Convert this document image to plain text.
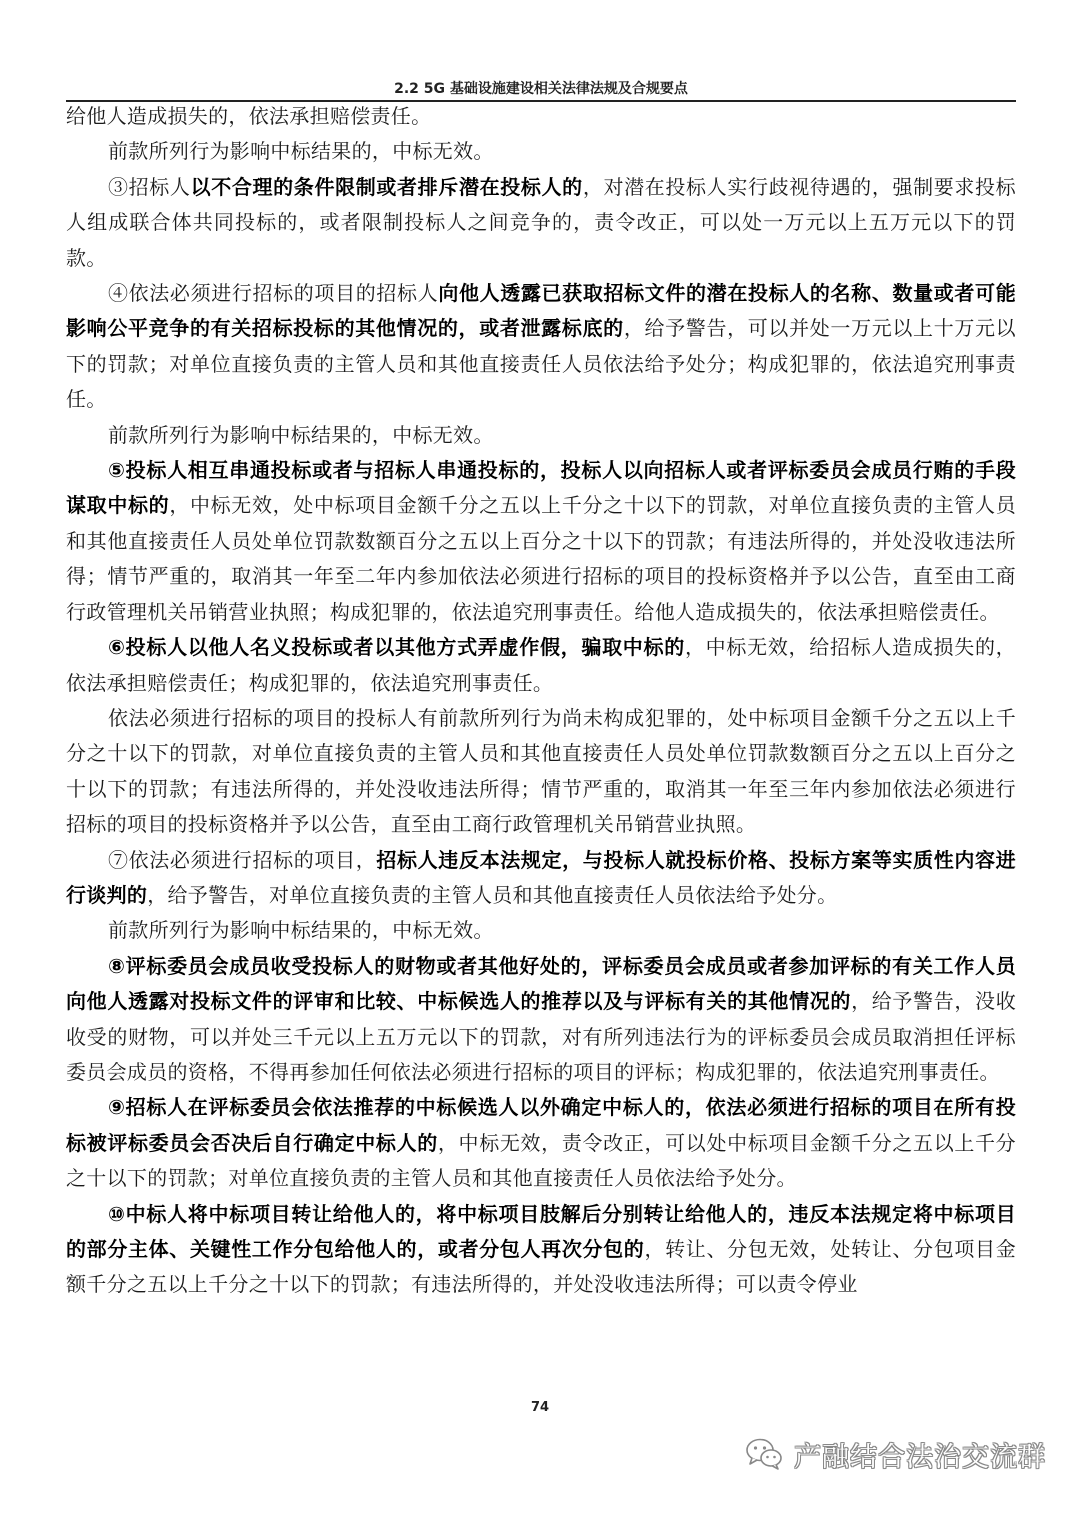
2.2 5G 基础设施建设相关法律法规及合规要点

给他人造成损失的，依法承担赔偿责任。

前款所列行为影响中标结果的，中标无效。

③招标人以不合理的条件限制或者排斥潜在投标人的，对潜在投标人实行歧视待遇的，强制要求投标人组成联合体共同投标的，或者限制投标人之间竞争的，责令改正，可以处一万元以上五万元以下的罚款。

④依法必须进行招标的项目的招标人向他人透露已获取招标文件的潜在投标人的名称、数量或者可能影响公平竞争的有关招标投标的其他情况的，或者泄露标底的，给予警告，可以并处一万元以上十万元以下的罚款；对单位直接负责的主管人员和其他直接责任人员依法给予处分；构成犯罪的，依法追究刑事责任。

前款所列行为影响中标结果的，中标无效。

⑤投标人相互串通投标或者与招标人串通投标的，投标人以向招标人或者评标委员会成员行贿的手段谋取中标的，中标无效，处中标项目金额千分之五以上千分之十以下的罚款，对单位直接负责的主管人员和其他直接责任人员处单位罚款数额百分之五以上百分之十以下的罚款；有违法所得的，并处没收违法所得；情节严重的，取消其一年至二年内参加依法必须进行招标的项目的投标资格并予以公告，直至由工商行政管理机关吊销营业执照；构成犯罪的，依法追究刑事责任。给他人造成损失的，依法承担赔偿责任。

⑥投标人以他人名义投标或者以其他方式弄虚作假，骗取中标的，中标无效，给招标人造成损失的，依法承担赔偿责任；构成犯罪的，依法追究刑事责任。

依法必须进行招标的项目的投标人有前款所列行为尚未构成犯罪的，处中标项目金额千分之五以上千分之十以下的罚款，对单位直接负责的主管人员和其他直接责任人员处单位罚款数额百分之五以上百分之十以下的罚款；有违法所得的，并处没收违法所得；情节严重的，取消其一年至三年内参加依法必须进行招标的项目的投标资格并予以公告，直至由工商行政管理机关吊销营业执照。

⑦依法必须进行招标的项目，招标人违反本法规定，与投标人就投标价格、投标方案等实质性内容进行谈判的，给予警告，对单位直接负责的主管人员和其他直接责任人员依法给予处分。

前款所列行为影响中标结果的，中标无效。

⑧评标委员会成员收受投标人的财物或者其他好处的，评标委员会成员或者参加评标的有关工作人员向他人透露对投标文件的评审和比较、中标候选人的推荐以及与评标有关的其他情况的，给予警告，没收收受的财物，可以并处三千元以上五万元以下的罚款，对有所列违法行为的评标委员会成员取消担任评标委员会成员的资格，不得再参加任何依法必须进行招标的项目的评标；构成犯罪的，依法追究刑事责任。

⑨招标人在评标委员会依法推荐的中标候选人以外确定中标人的，依法必须进行招标的项目在所有投标被评标委员会否决后自行确定中标人的，中标无效，责令改正，可以处中标项目金额千分之五以上千分之十以下的罚款；对单位直接负责的主管人员和其他直接责任人员依法给予处分。

⑩中标人将中标项目转让给他人的，将中标项目肢解后分别转让给他人的，违反本法规定将中标项目的部分主体、关键性工作分包给他人的，或者分包人再次分包的，转让、分包无效，处转让、分包项目金额千分之五以上千分之十以下的罚款；有违法所得的，并处没收违法所得；可以责令停业

74
产融结合法治交流群
